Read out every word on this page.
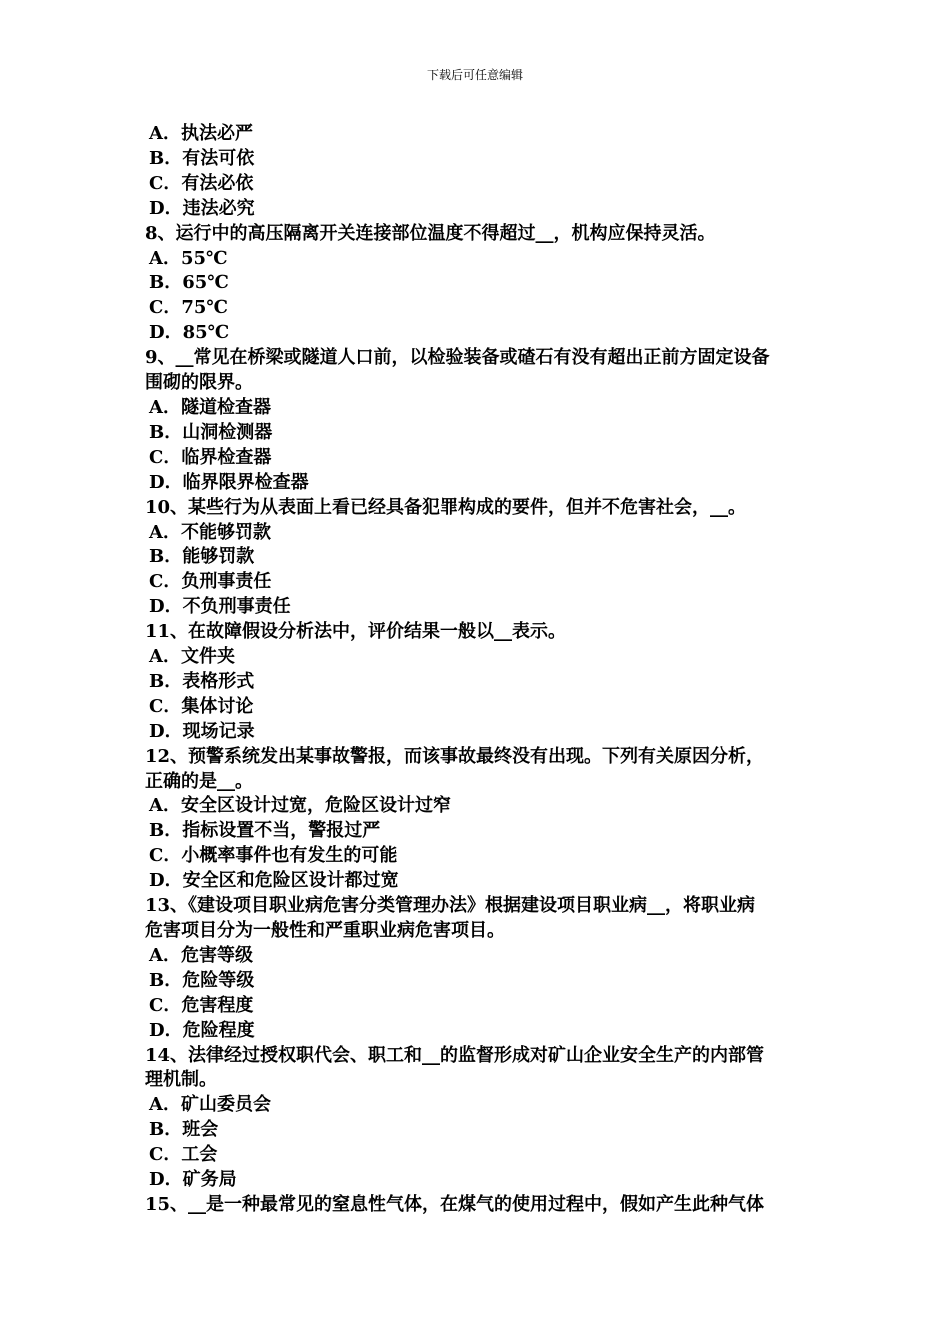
下载后可任意编辑
A．执法必严
B．有法可依
C．有法必依
D．违法必究
8、运行中的高压隔离开关连接部位温度不得超过__，机构应保持灵活。
A．55℃
B．65℃
C．75℃
D．85℃
9、__常见在桥梁或隧道人口前，以检验装备或碴石有没有超出正前方固定设备
围砌的限界。
A．隧道检查器
B．山洞检测器
C．临界检查器
D．临界限界检查器
10、某些行为从表面上看已经具备犯罪构成的要件，但并不危害社会，__。
A．不能够罚款
B．能够罚款
C．负刑事责任
D．不负刑事责任
11、在故障假设分析法中，评价结果一般以__表示。
A．文件夹
B．表格形式
C．集体讨论
D．现场记录
12、预警系统发出某事故警报，而该事故最终没有出现。下列有关原因分析，
正确的是__。
A．安全区设计过宽，危险区设计过窄
B．指标设置不当，警报过严
C．小概率事件也有发生的可能
D．安全区和危险区设计都过宽
13、《建设项目职业病危害分类管理办法》根据建设项目职业病__，将职业病
危害项目分为一般性和严重职业病危害项目。
A．危害等级
B．危险等级
C．危害程度
D．危险程度
14、法律经过授权职代会、职工和__的监督形成对矿山企业安全生产的内部管
理机制。
A．矿山委员会
B．班会
C．工会
D．矿务局
15、__是一种最常见的窒息性气体，在煤气的使用过程中，假如产生此种气体
